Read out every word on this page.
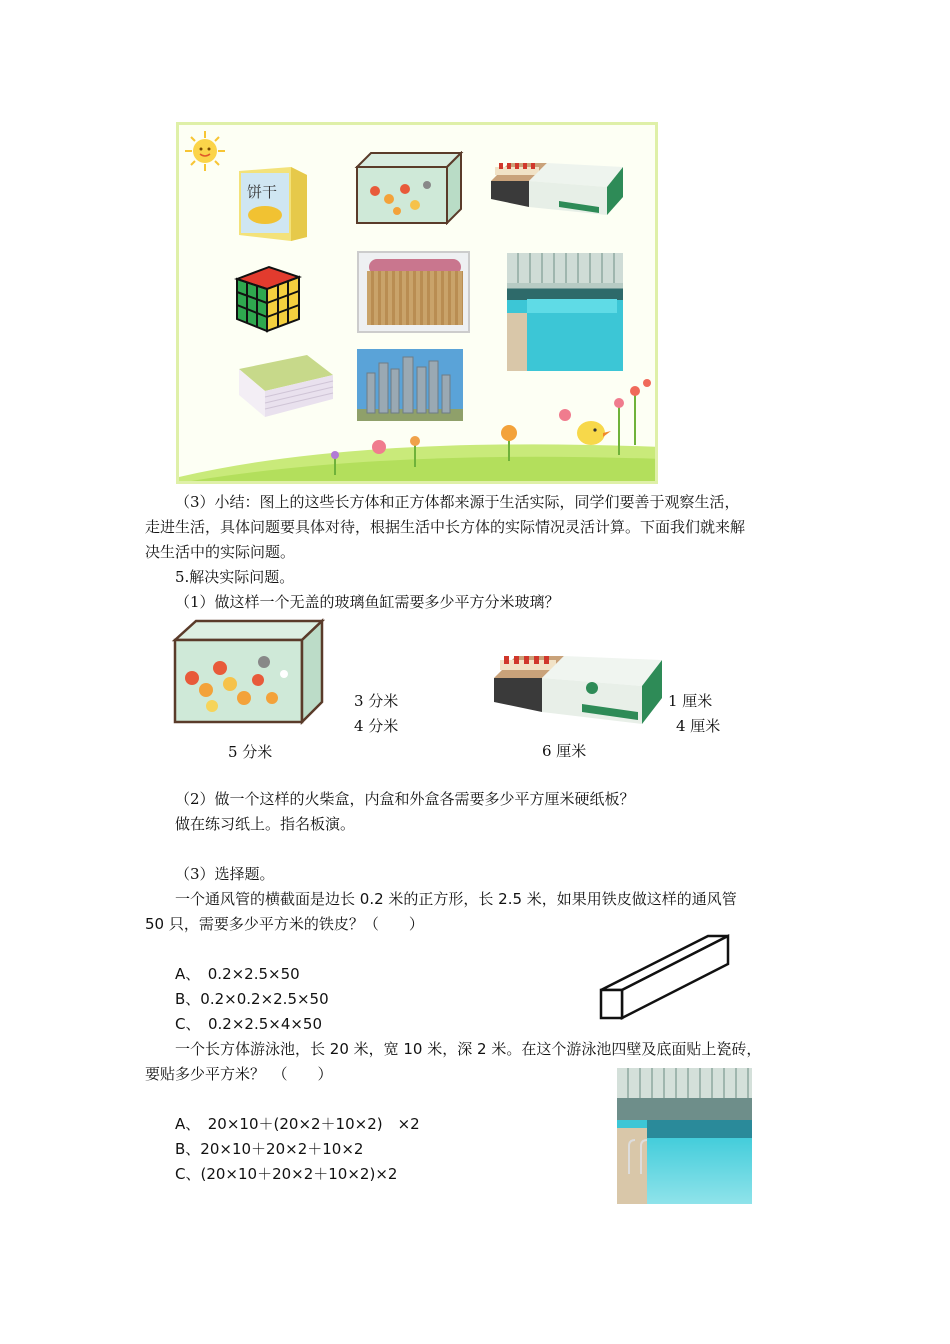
饼干
（3）小结：图上的这些长方体和正方体都来源于生活实际，同学们要善于观察生活，
走进生活，具体问题要具体对待，根据生活中长方体的实际情况灵活计算。下面我们就来解
决生活中的实际问题。
5.解决实际问题。
（1）做这样一个无盖的玻璃鱼缸需要多少平方分米玻璃？
3 分米
4 分米
5 分米
1 厘米
4 厘米
6 厘米
（2）做一个这样的火柴盒，内盒和外盒各需要多少平方厘米硬纸板？
做在练习纸上。指名板演。
（3）选择题。
一个通风管的横截面是边长 0.2 米的正方形，长 2.5 米，如果用铁皮做这样的通风管
50 只，需要多少平方米的铁皮？（　　）
A、　0.2×2.5×50
B、0.2×0.2×2.5×50
C、　0.2×2.5×4×50
一个长方体游泳池，长 20 米，宽 10 米，深 2 米。在这个游泳池四壁及底面贴上瓷砖，
要贴多少平方米？　（　　）
A、　20×10＋(20×2＋10×2)　×2
B、20×10＋20×2＋10×2
C、(20×10＋20×2＋10×2)×2
